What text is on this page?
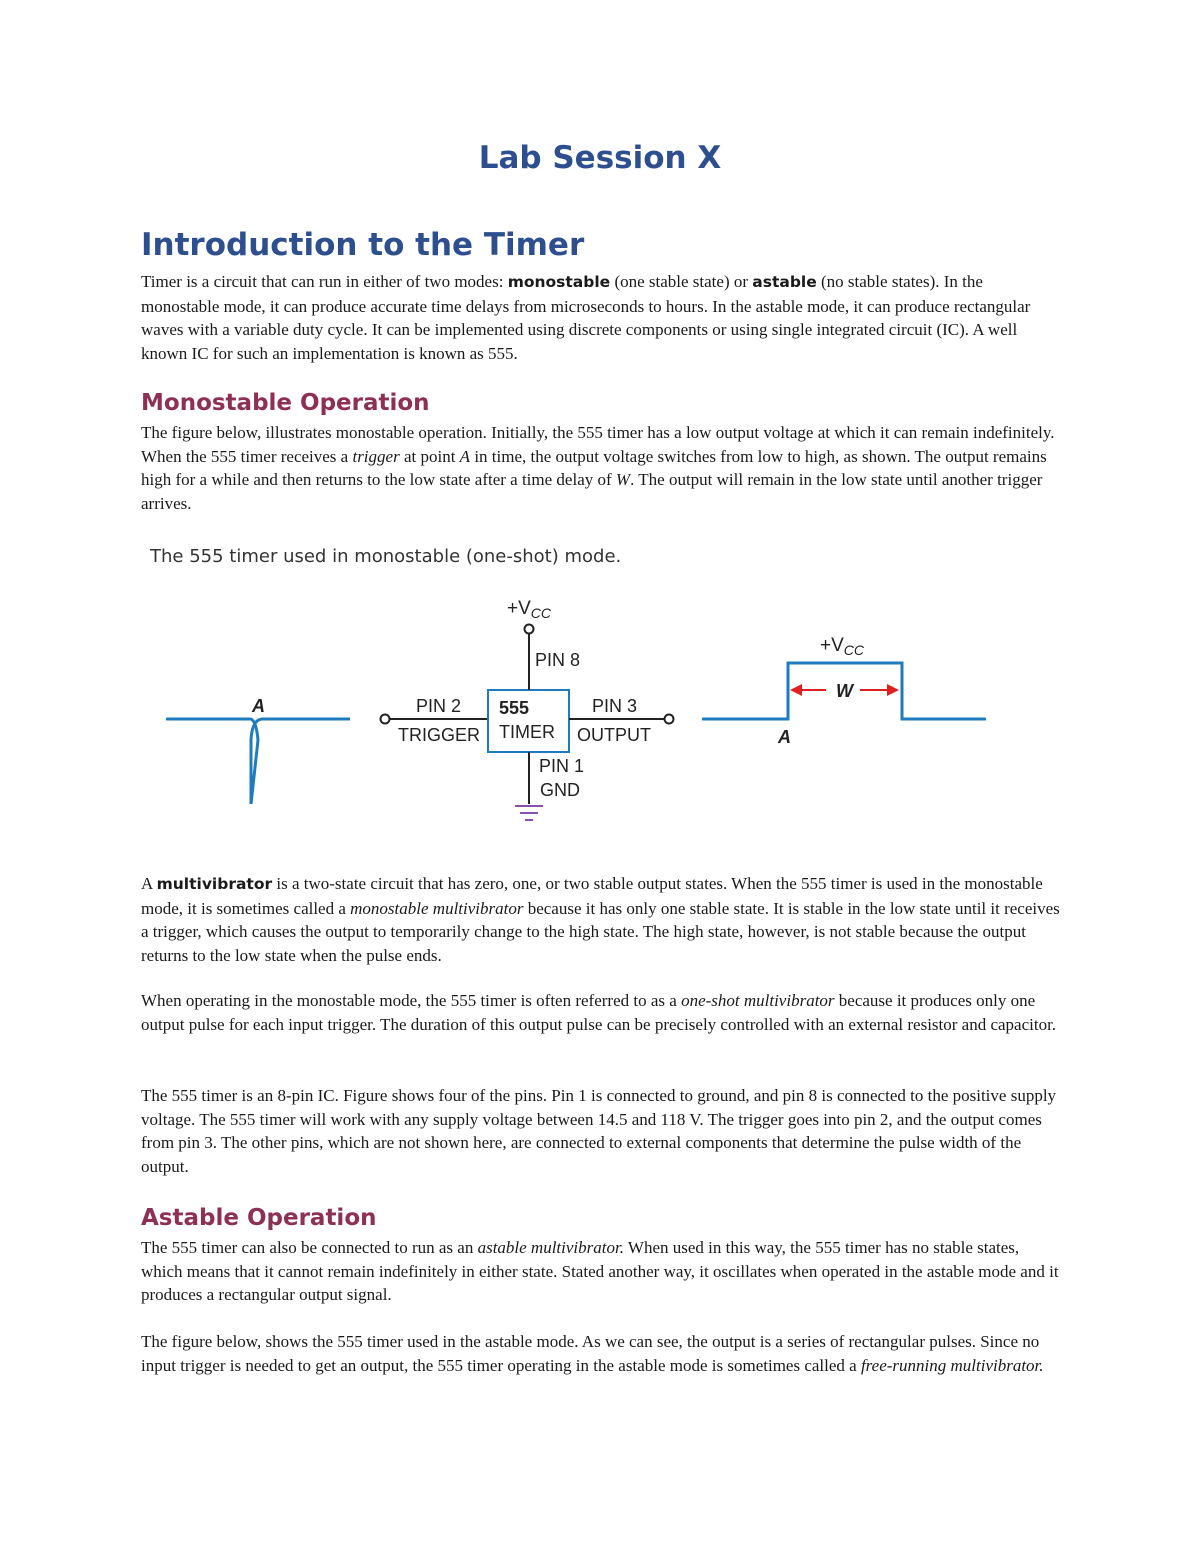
Lab Session X
Introduction to the Timer

Timer is a circuit that can run in either of two modes: monostable (one stable state) or astable (no stable states). In the monostable mode, it can produce accurate time delays from microseconds to hours. In the astable mode, it can produce rectangular waves with a variable duty cycle. It can be implemented using discrete components or using single integrated circuit (IC). A well known IC for such an implementation is known as 555.

Monostable Operation

The figure below, illustrates monostable operation. Initially, the 555 timer has a low output voltage at which it can remain indefinitely. When the 555 timer receives a trigger at point A in time, the output voltage switches from low to high, as shown. The output remains high for a while and then returns to the low state after a time delay of W. The output will remain in the low state until another trigger arrives.

The 555 timer used in monostable (one-shot) mode.

A	PIN 2
TRIGGER
555
TIMER
$+V_{CC}$
PIN 8
PIN 3
OUTPUT
PIN 1
GND
$+V_{CC}$
A
W

A multivibrator is a two-state circuit that has zero, one, or two stable output states. When the 555 timer is used in the monostable mode, it is sometimes called a monostable multivibrator because it has only one stable state. It is stable in the low state until it receives a trigger, which causes the output to temporarily change to the high state. The high state, however, is not stable because the output returns to the low state when the pulse ends.

When operating in the monostable mode, the 555 timer is often referred to as a one-shot multivibrator because it produces only one output pulse for each input trigger. The duration of this output pulse can be precisely controlled with an external resistor and capacitor.

The 555 timer is an 8-pin IC. Figure shows four of the pins. Pin 1 is connected to ground, and pin 8 is connected to the positive supply voltage. The 555 timer will work with any supply voltage between 14.5 and 118 V. The trigger goes into pin 2, and the output comes from pin 3. The other pins, which are not shown here, are connected to external components that determine the pulse width of the output.

Astable Operation

The 555 timer can also be connected to run as an astable multivibrator. When used in this way, the 555 timer has no stable states, which means that it cannot remain indefinitely in either state. Stated another way, it oscillates when operated in the astable mode and it produces a rectangular output signal.

The figure below, shows the 555 timer used in the astable mode. As we can see, the output is a series of rectangular pulses. Since no input trigger is needed to get an output, the 555 timer operating in the astable mode is sometimes called a free-running multivibrator.
